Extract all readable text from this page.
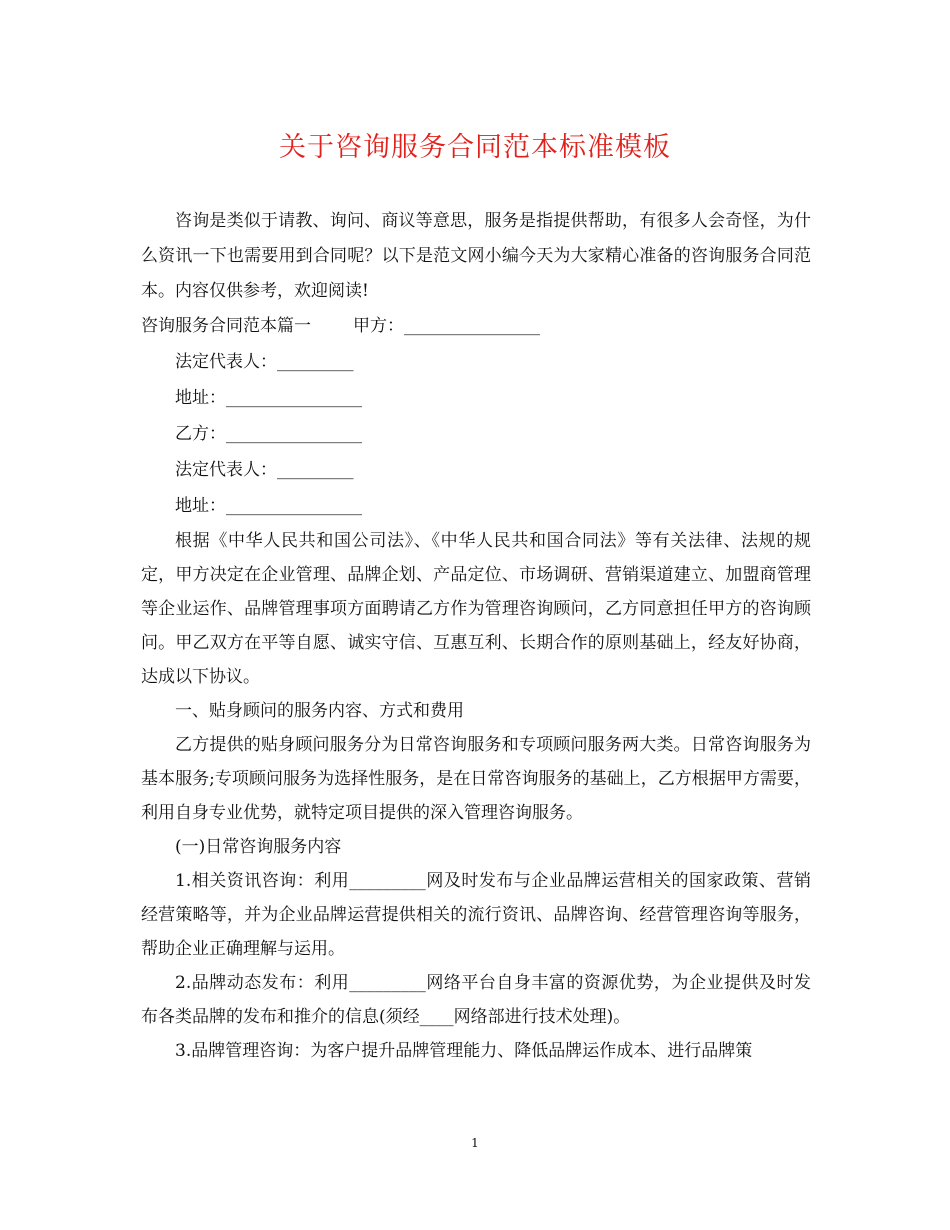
关于咨询服务合同范本标准模板

咨询是类似于请教、询问、商议等意思，服务是指提供帮助，有很多人会奇怪，为什么资讯一下也需要用到合同呢？以下是范文网小编今天为大家精心准备的咨询服务合同范本。内容仅供参考，欢迎阅读!

咨询服务合同范本篇一 甲方：________________

法定代表人：_________

地址：________________

乙方：________________

法定代表人：_________

地址：________________

根据《中华人民共和国公司法》、《中华人民共和国合同法》等有关法律、法规的规定，甲方决定在企业管理、品牌企划、产品定位、市场调研、营销渠道建立、加盟商管理等企业运作、品牌管理事项方面聘请乙方作为管理咨询顾问，乙方同意担任甲方的咨询顾问。甲乙双方在平等自愿、诚实守信、互惠互利、长期合作的原则基础上，经友好协商，达成以下协议。

一、贴身顾问的服务内容、方式和费用

乙方提供的贴身顾问服务分为日常咨询服务和专项顾问服务两大类。日常咨询服务为基本服务;专项顾问服务为选择性服务，是在日常咨询服务的基础上，乙方根据甲方需要，利用自身专业优势，就特定项目提供的深入管理咨询服务。

(一)日常咨询服务内容

1.相关资讯咨询：利用_________网及时发布与企业品牌运营相关的国家政策、营销经营策略等，并为企业品牌运营提供相关的流行资讯、品牌咨询、经营管理咨询等服务，帮助企业正确理解与运用。

2.品牌动态发布：利用_________网络平台自身丰富的资源优势，为企业提供及时发布各类品牌的发布和推介的信息(须经____网络部进行技术处理)。

3.品牌管理咨询：为客户提升品牌管理能力、降低品牌运作成本、进行品牌策

1
